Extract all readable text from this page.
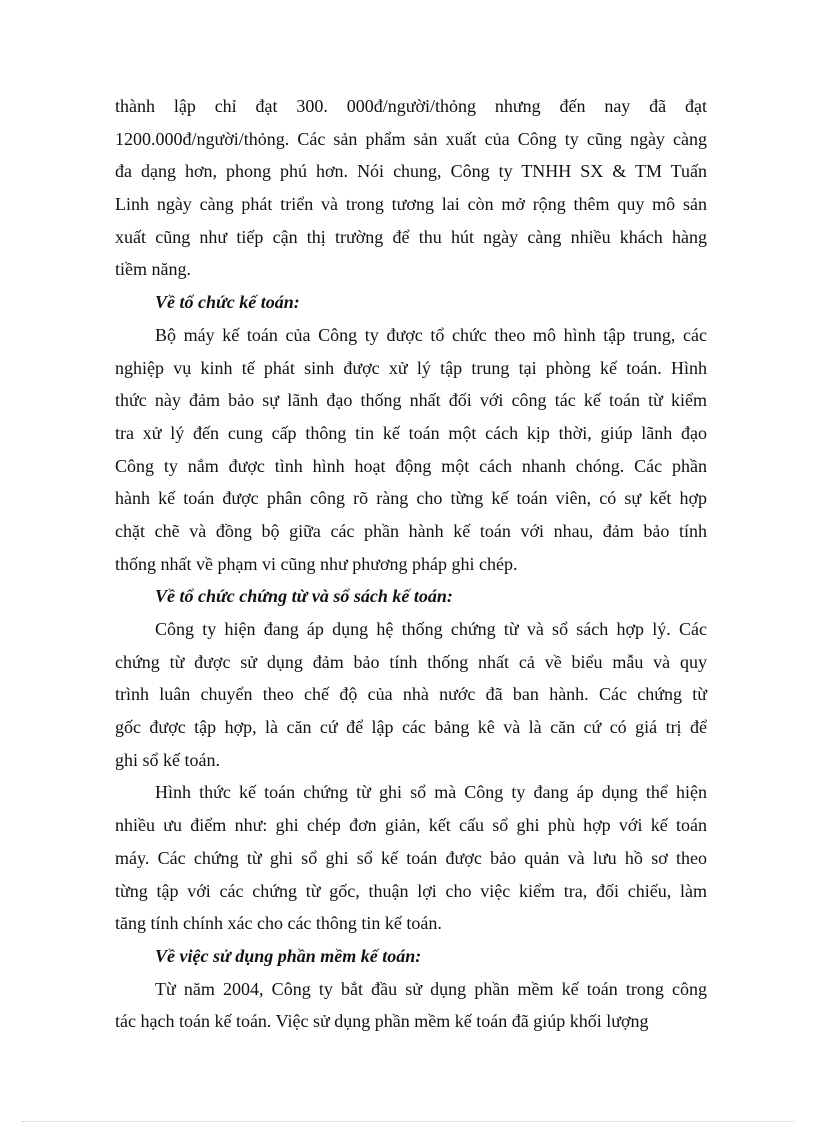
thành lập chỉ đạt 300. 000đ/người/thỏng nhưng đến nay đã đạt
1200.000đ/người/thỏng. Các sản phẩm sản xuất của Công ty cũng ngày càng
đa dạng hơn, phong phú hơn. Nói chung, Công ty TNHH SX & TM Tuấn
Linh ngày càng phát triển và trong tương lai còn mở rộng thêm quy mô sản
xuất cũng như tiếp cận thị trường để thu hút ngày càng nhiều khách hàng
tiềm năng.
Về tổ chức kế toán:
Bộ máy kế toán của Công ty được tổ chức theo mô hình tập trung, các
nghiệp vụ kinh tế phát sinh được xử lý tập trung tại phòng kế toán. Hình
thức này đảm bảo sự lãnh đạo thống nhất đối với công tác kế toán từ kiểm
tra xử lý đến cung cấp thông tin kế toán một cách kịp thời, giúp lãnh đạo
Công ty nắm được tình hình hoạt động một cách nhanh chóng. Các phần
hành kế toán được phân công rõ ràng cho từng kế toán viên, có sự kết hợp
chặt chẽ và đồng bộ giữa các phần hành kế toán với nhau, đảm bảo tính
thống nhất về phạm vi cũng như phương pháp ghi chép.
Về tổ chức chứng từ và sổ sách kế toán:
Công ty hiện đang áp dụng hệ thống chứng từ và sổ sách hợp lý. Các
chứng từ được sử dụng đảm bảo tính thống nhất cả về biểu mẫu và quy
trình luân chuyển theo chế độ của nhà nước đã ban hành. Các chứng từ
gốc được tập hợp, là căn cứ để lập các bảng kê và là căn cứ có giá trị để
ghi sổ kế toán.
Hình thức kế toán chứng từ ghi sổ mà Công ty đang áp dụng thể hiện
nhiều ưu điểm như: ghi chép đơn giản, kết cấu sổ ghi phù hợp với kế toán
máy. Các chứng từ ghi sổ ghi sổ kế toán được bảo quản và lưu hồ sơ theo
từng tập với các chứng từ gốc, thuận lợi cho việc kiểm tra, đối chiếu, làm
tăng tính chính xác cho các thông tin kế toán.
Về việc sử dụng phần mềm kế toán:
Từ năm 2004, Công ty bắt đầu sử dụng phần mềm kế toán trong công
tác hạch toán kế toán. Việc sử dụng phần mềm kế toán đã giúp khối lượng
